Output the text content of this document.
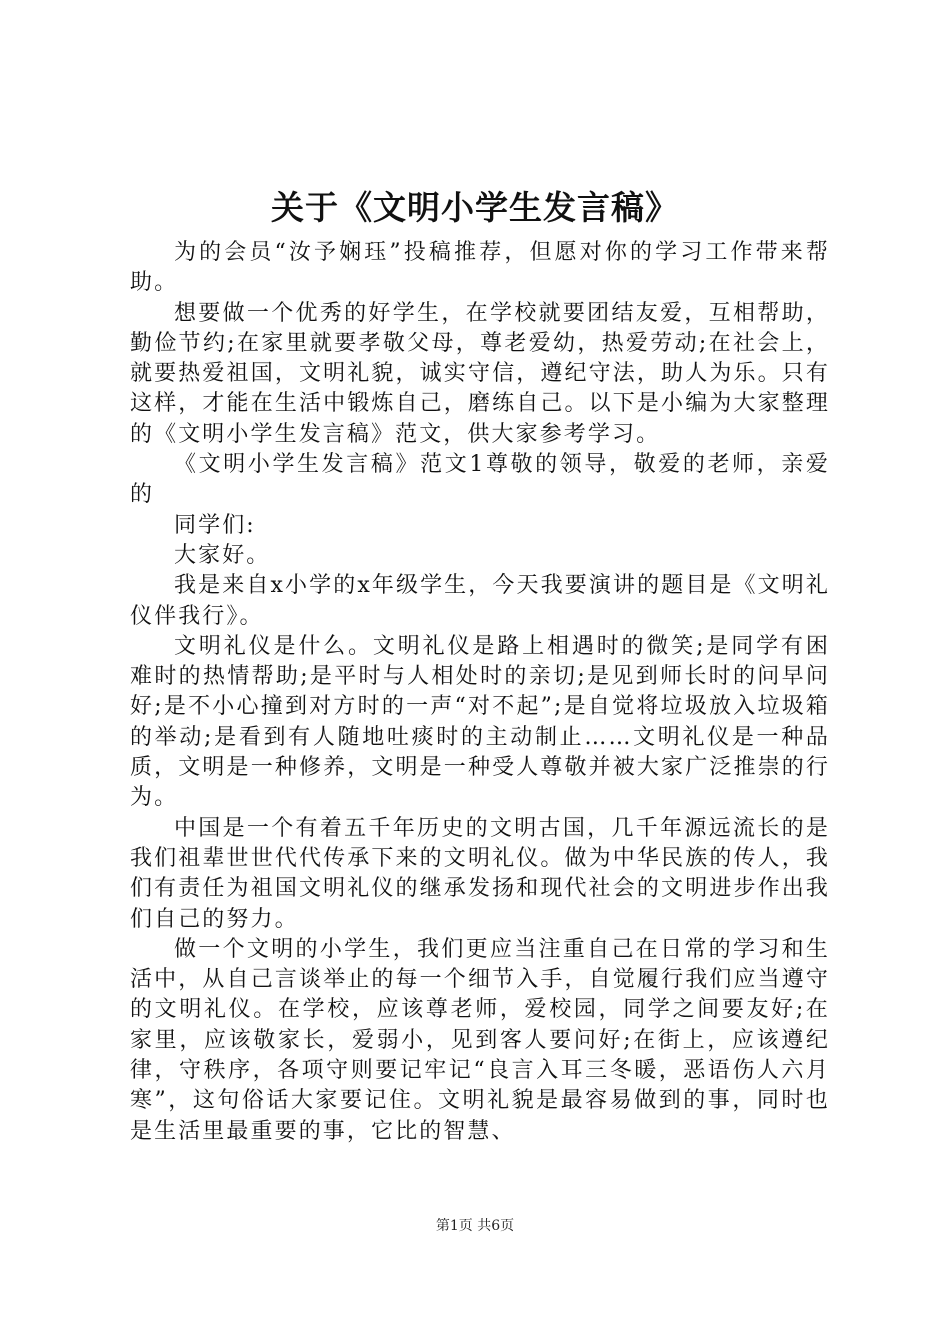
关于《文明小学生发言稿》

为的会员“汝予娴珏”投稿推荐，但愿对你的学习工作带来帮助。

想要做一个优秀的好学生，在学校就要团结友爱，互相帮助，勤俭节约;在家里就要孝敬父母，尊老爱幼，热爱劳动;在社会上，就要热爱祖国，文明礼貌，诚实守信，遵纪守法，助人为乐。只有这样，才能在生活中锻炼自己，磨练自己。以下是小编为大家整理的《文明小学生发言稿》范文，供大家参考学习。

《文明小学生发言稿》范文1尊敬的领导，敬爱的老师，亲爱的

同学们:

大家好。

我是来自x小学的x年级学生，今天我要演讲的题目是《文明礼仪伴我行》。

文明礼仪是什么。文明礼仪是路上相遇时的微笑;是同学有困难时的热情帮助;是平时与人相处时的亲切;是见到师长时的问早问好;是不小心撞到对方时的一声“对不起”;是自觉将垃圾放入垃圾箱的举动;是看到有人随地吐痰时的主动制止……文明礼仪是一种品质，文明是一种修养，文明是一种受人尊敬并被大家广泛推崇的行为。

中国是一个有着五千年历史的文明古国，几千年源远流长的是我们祖辈世世代代传承下来的文明礼仪。做为中华民族的传人，我们有责任为祖国文明礼仪的继承发扬和现代社会的文明进步作出我们自己的努力。

做一个文明的小学生，我们更应当注重自己在日常的学习和生活中，从自己言谈举止的每一个细节入手，自觉履行我们应当遵守的文明礼仪。在学校，应该尊老师，爱校园，同学之间要友好;在家里，应该敬家长，爱弱小，见到客人要问好;在街上，应该遵纪律，守秩序，各项守则要记牢记“良言入耳三冬暖，恶语伤人六月寒”，这句俗话大家要记住。文明礼貌是最容易做到的事，同时也是生活里最重要的事，它比的智慧、

第1页 共6页
